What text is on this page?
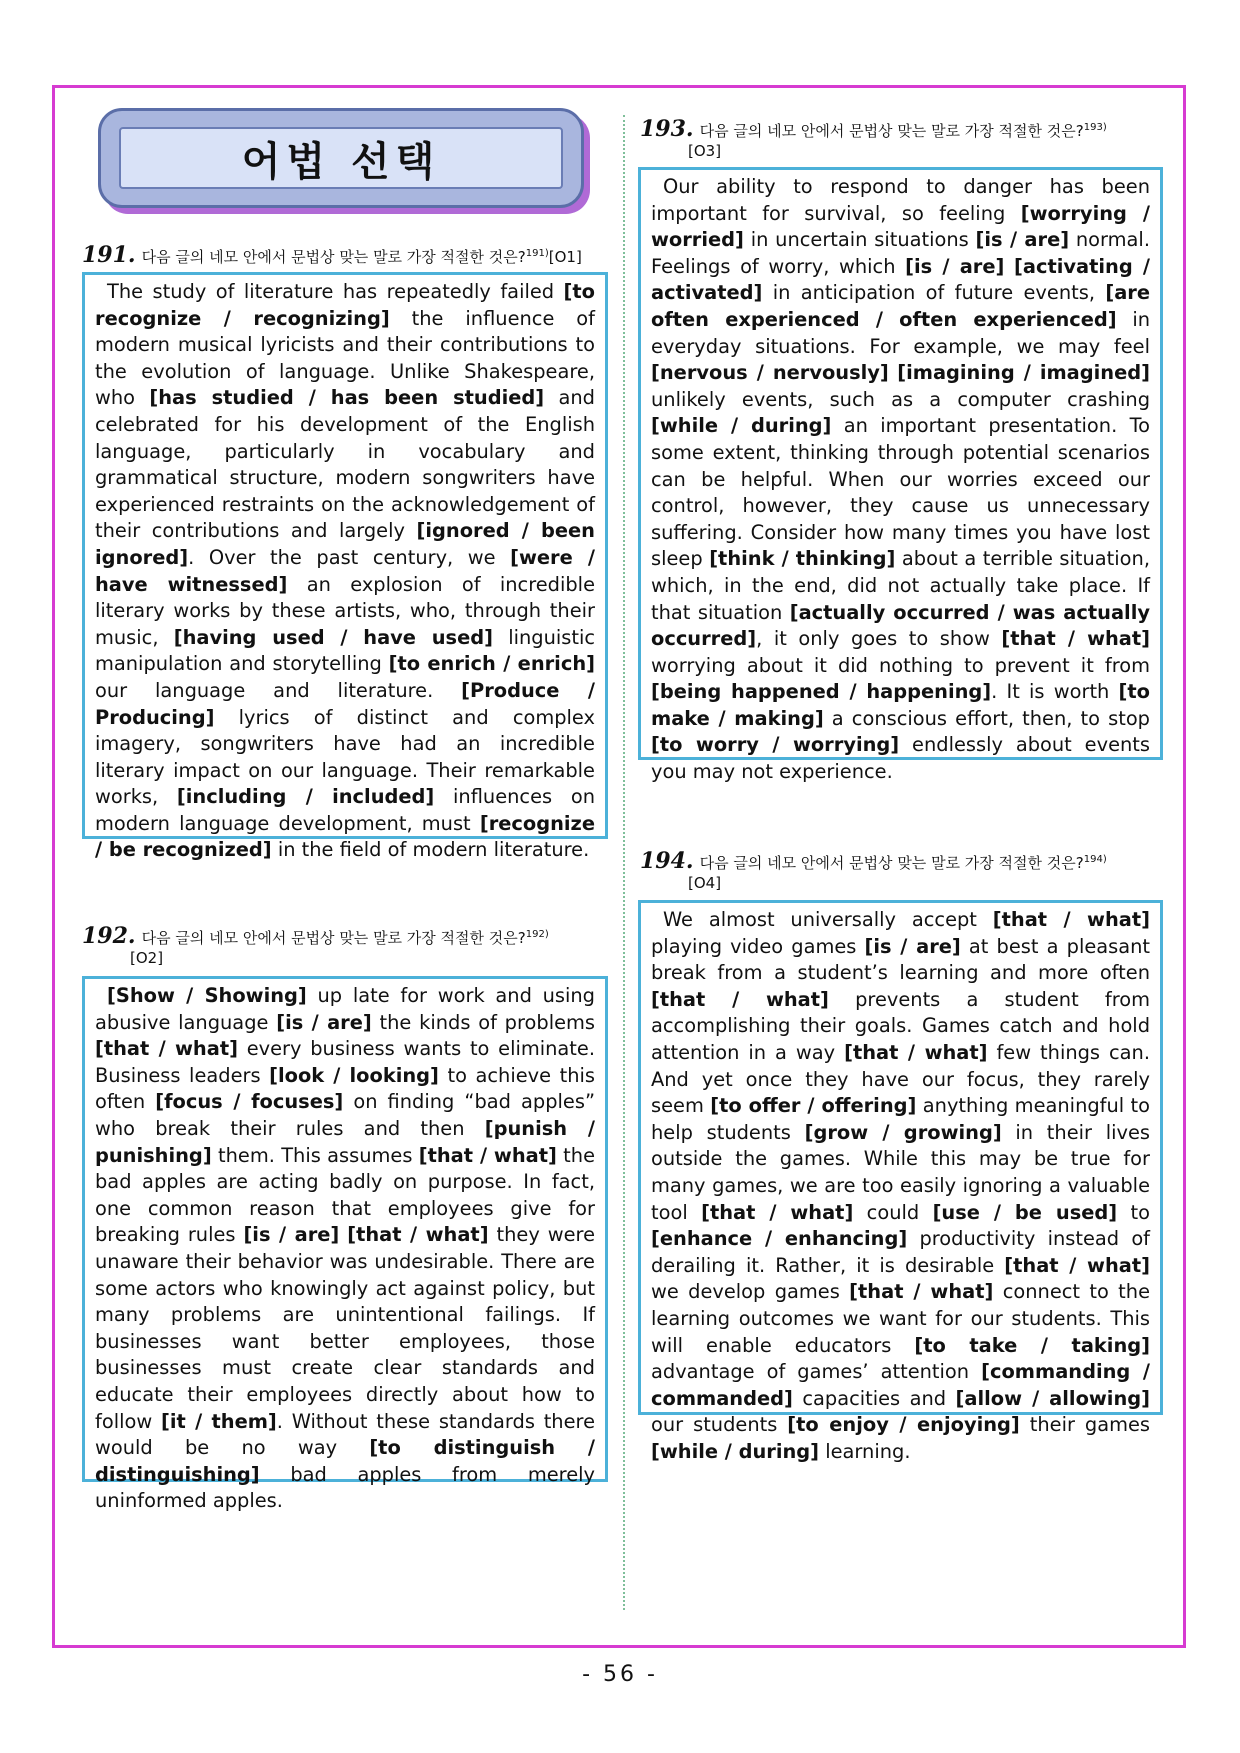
어법 선택
191. 다음 글의 네모 안에서 문법상 맞는 말로 가장 적절한 것은?$^{191)}$[O1]

The study of literature has repeatedly failed [to recognize / recognizing] the influence of modern musical lyricists and their contributions to the evolution of language. Unlike Shakespeare, who [has studied / has been studied] and celebrated for his development of the English language, particularly in vocabulary and grammatical structure, modern songwriters have experienced restraints on the acknowledgement of their contributions and largely [ignored / been ignored]. Over the past century, we [were / have witnessed] an explosion of incredible literary works by these artists, who, through their music, [having used / have used] linguistic manipulation and storytelling [to enrich / enrich] our language and literature. [Produce / Producing] lyrics of distinct and complex imagery, songwriters have had an incredible literary impact on our language. Their remarkable works, [including / included] influences on modern language development, must [recognize / be recognized] in the field of modern literature.

192. 다음 글의 네모 안에서 문법상 맞는 말로 가장 적절한 것은?$^{192)}$
[O2]

[Show / Showing] up late for work and using abusive language [is / are] the kinds of problems [that / what] every business wants to eliminate. Business leaders [look / looking] to achieve this often [focus / focuses] on finding “bad apples” who break their rules and then [punish / punishing] them. This assumes [that / what] the bad apples are acting badly on purpose. In fact, one common reason that employees give for breaking rules [is / are] [that / what] they were unaware their behavior was undesirable. There are some actors who knowingly act against policy, but many problems are unintentional failings. If businesses want better employees, those businesses must create clear standards and educate their employees directly about how to follow [it / them]. Without these standards there would be no way [to distinguish / distinguishing] bad apples from merely uninformed apples.

193. 다음 글의 네모 안에서 문법상 맞는 말로 가장 적절한 것은?$^{193)}$
[O3]

Our ability to respond to danger has been important for survival, so feeling [worrying / worried] in uncertain situations [is / are] normal. Feelings of worry, which [is / are] [activating / activated] in anticipation of future events, [are often experienced / often experienced] in everyday situations. For example, we may feel [nervous / nervously] [imagining / imagined] unlikely events, such as a computer crashing [while / during] an important presentation. To some extent, thinking through potential scenarios can be helpful. When our worries exceed our control, however, they cause us unnecessary suffering. Consider how many times you have lost sleep [think / thinking] about a terrible situation, which, in the end, did not actually take place. If that situation [actually occurred / was actually occurred], it only goes to show [that / what] worrying about it did nothing to prevent it from [being happened / happening]. It is worth [to make / making] a conscious effort, then, to stop [to worry / worrying] endlessly about events you may not experience.

194. 다음 글의 네모 안에서 문법상 맞는 말로 가장 적절한 것은?$^{194)}$
[O4]

We almost universally accept [that / what] playing video games [is / are] at best a pleasant break from a student’s learning and more often [that / what] prevents a student from accomplishing their goals. Games catch and hold attention in a way [that / what] few things can. And yet once they have our focus, they rarely seem [to offer / offering] anything meaningful to help students [grow / growing] in their lives outside the games. While this may be true for many games, we are too easily ignoring a valuable tool [that / what] could [use / be used] to [enhance / enhancing] productivity instead of derailing it. Rather, it is desirable [that / what] we develop games [that / what] connect to the learning outcomes we want for our students. This will enable educators [to take / taking] advantage of games’ attention [commanding / commanded] capacities and [allow / allowing] our students [to enjoy / enjoying] their games [while / during] learning.

- 56 -
